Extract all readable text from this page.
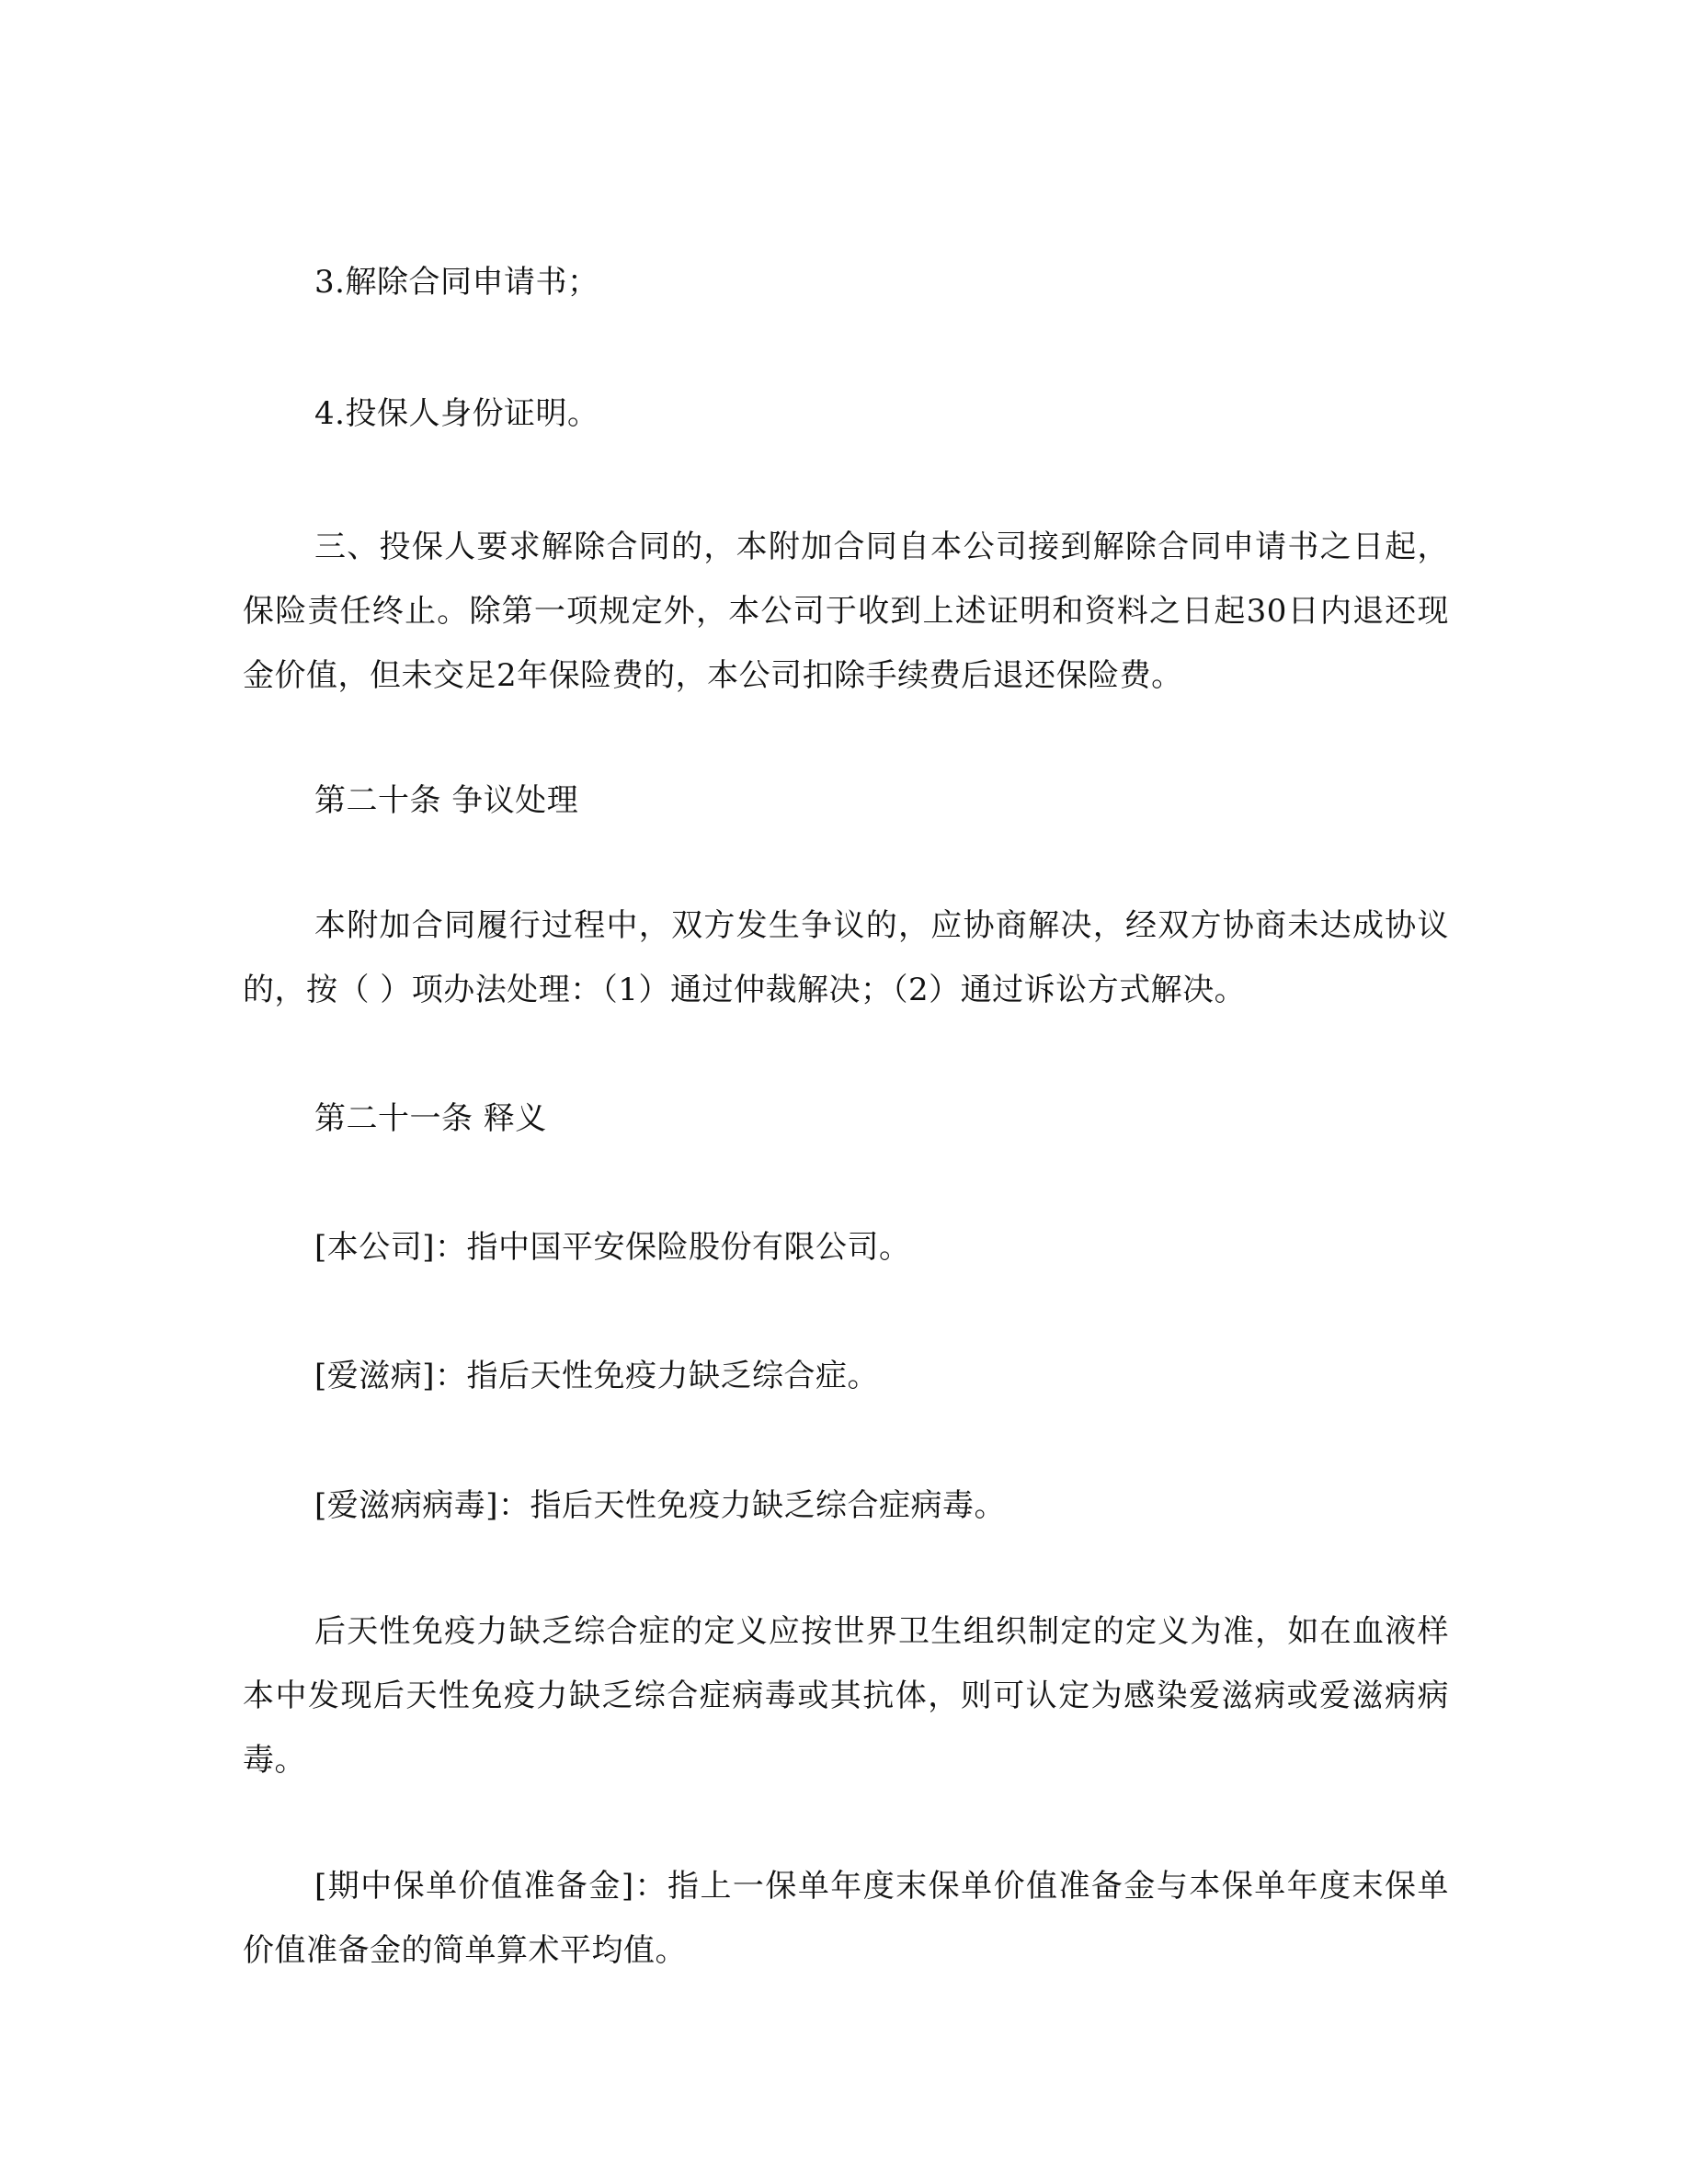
3.解除合同申请书；

4.投保人身份证明。

三、投保人要求解除合同的，本附加合同自本公司接到解除合同申请书之日起，保险责任终止。除第一项规定外，本公司于收到上述证明和资料之日起30日内退还现金价值，但未交足2年保险费的，本公司扣除手续费后退还保险费。

第二十条 争议处理

本附加合同履行过程中，双方发生争议的，应协商解决，经双方协商未达成协议的，按（ ）项办法处理：（1）通过仲裁解决；（2）通过诉讼方式解决。

第二十一条 释义

[本公司]：指中国平安保险股份有限公司。

[爱滋病]：指后天性免疫力缺乏综合症。

[爱滋病病毒]：指后天性免疫力缺乏综合症病毒。

后天性免疫力缺乏综合症的定义应按世界卫生组织制定的定义为准，如在血液样本中发现后天性免疫力缺乏综合症病毒或其抗体，则可认定为感染爱滋病或爱滋病病毒。

[期中保单价值准备金]：指上一保单年度末保单价值准备金与本保单年度末保单价值准备金的简单算术平均值。
